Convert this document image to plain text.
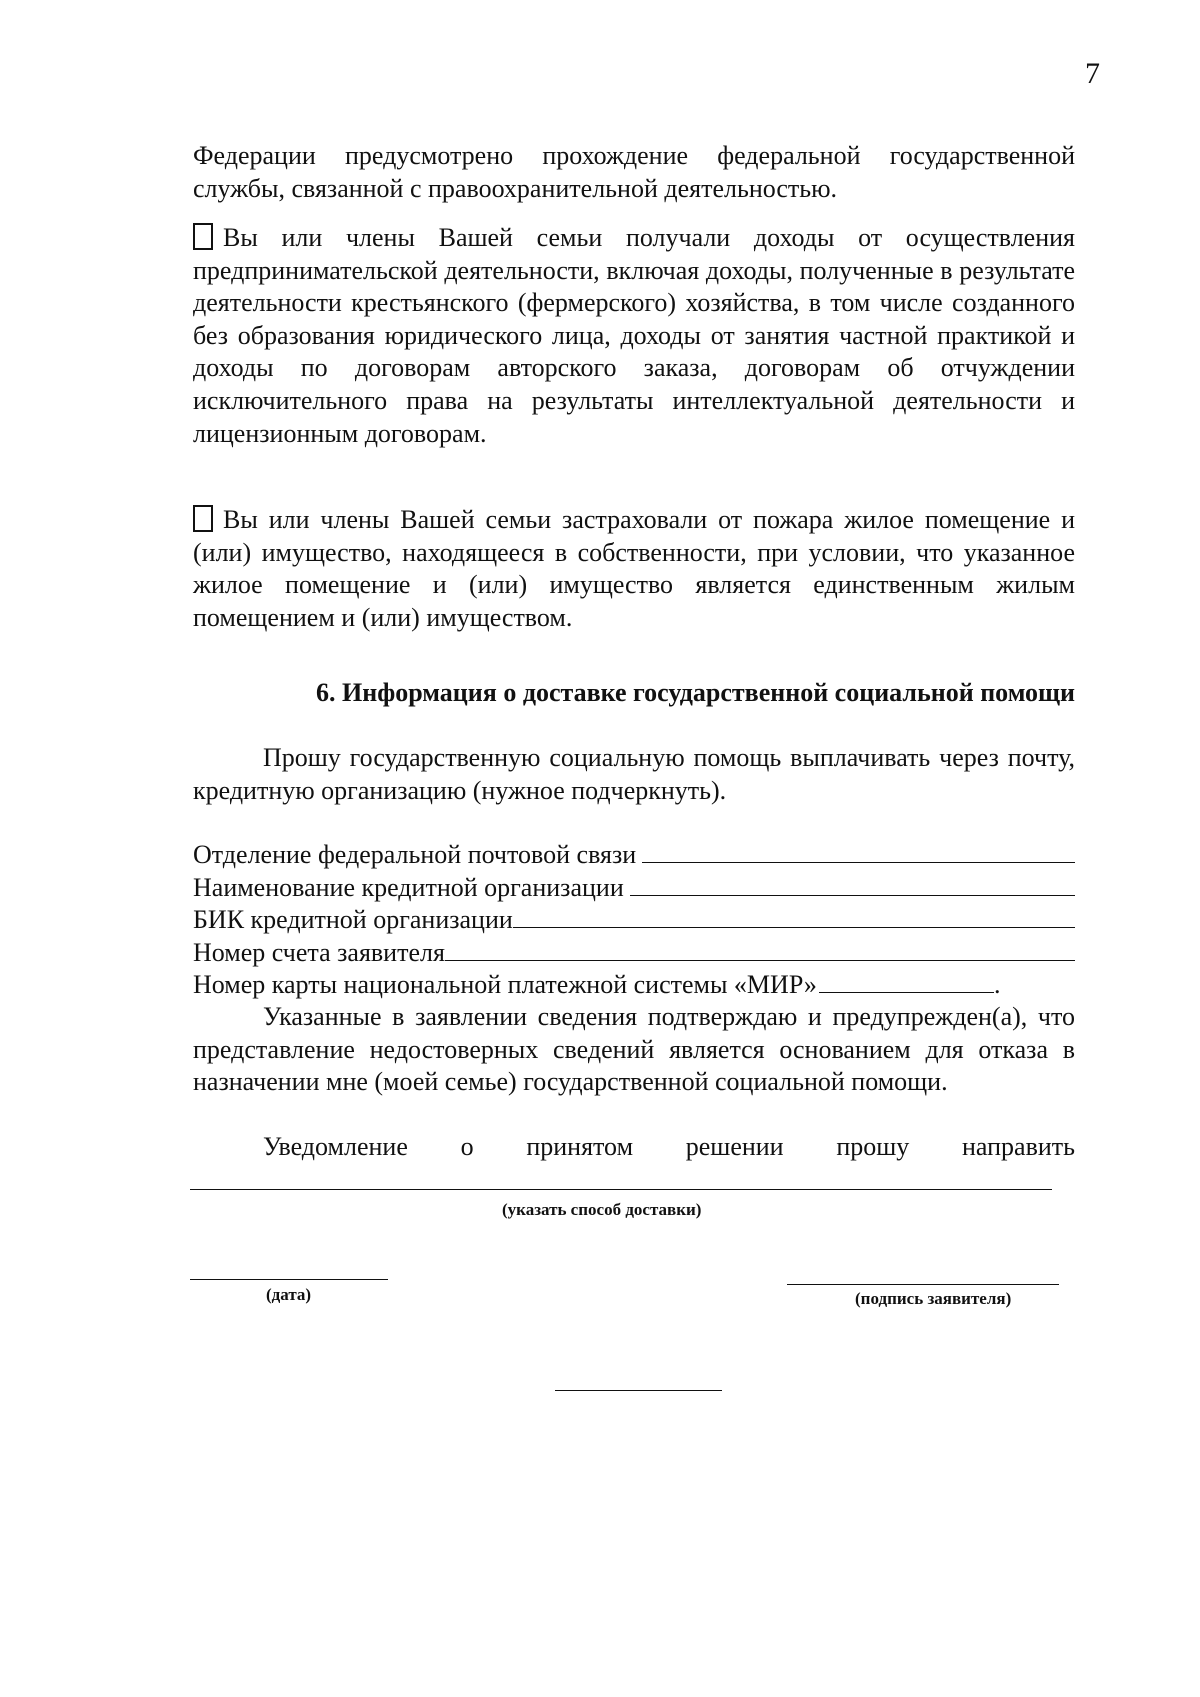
7
Федерации предусмотрено прохождение федеральной государственной службы, связанной с правоохранительной деятельностью.
Вы или члены Вашей семьи получали доходы от осуществления предпринимательской деятельности, включая доходы, полученные в результате деятельности крестьянского (фермерского) хозяйства, в том числе созданного без образования юридического лица, доходы от занятия частной практикой и доходы по договорам авторского заказа, договорам об отчуждении исключительного права на результаты интеллектуальной деятельности и лицензионным договорам.
Вы или члены Вашей семьи застраховали от пожара жилое помещение и (или) имущество, находящееся в собственности, при условии, что указанное жилое помещение и (или) имущество является единственным жилым помещением и (или) имуществом.
6. Информация о доставке государственной социальной помощи
Прошу государственную социальную помощь выплачивать через почту, кредитную организацию (нужное подчеркнуть).
Отделение федеральной почтовой связи
Наименование кредитной организации
БИК кредитной организации
Номер счета заявителя
Номер карты национальной платежной системы «МИР»	.
Указанные в заявлении сведения подтверждаю и предупрежден(а), что представление недостоверных сведений является основанием для отказа в назначении мне (моей семье) государственной социальной помощи.
Уведомление о принятом решении прошу направить
(указать способ доставки)
(дата)	(подпись заявителя)
